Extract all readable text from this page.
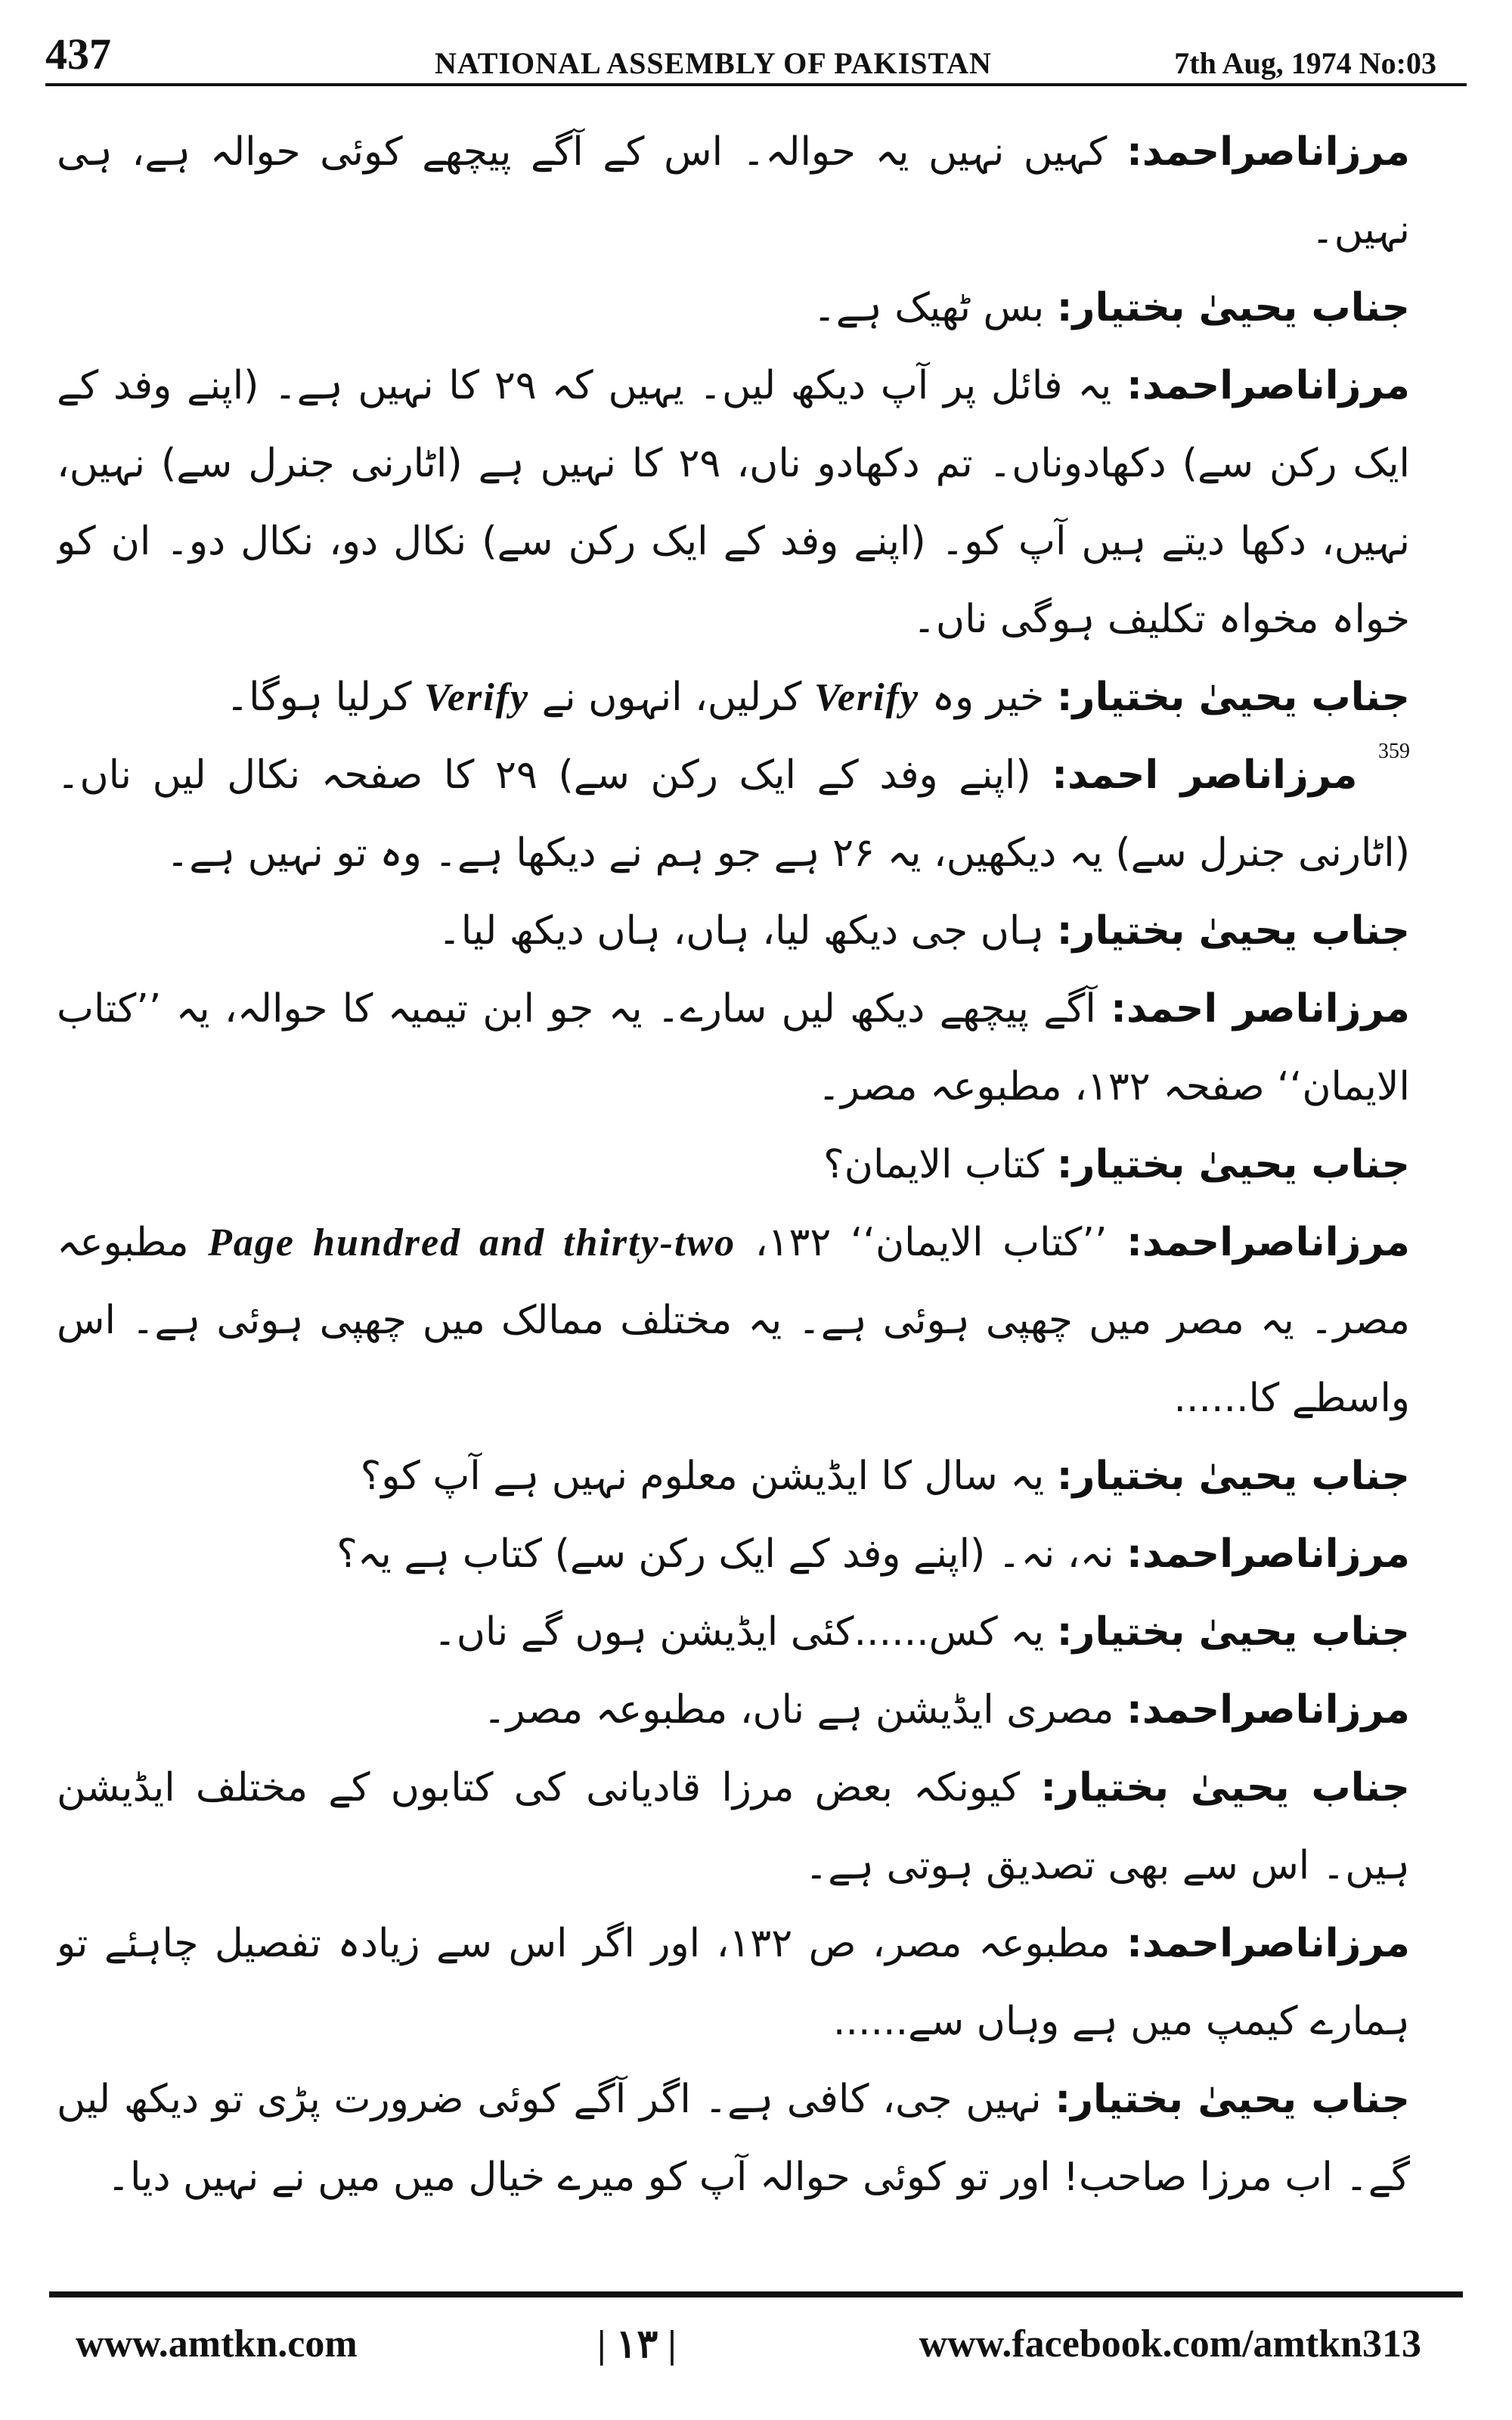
437	NATIONAL ASSEMBLY OF PAKISTAN	7th Aug, 1974 No:03

مرزاناصراحمد: کہیں نہیں یہ حوالہ۔ اس کے آگے پیچھے کوئی حوالہ ہے، ہی نہیں۔

جناب یحییٰ بختیار: بس ٹھیک ہے۔

مرزاناصراحمد: یہ فائل پر آپ دیکھ لیں۔ یہیں کہ ۲۹ کا نہیں ہے۔ (اپنے وفد کے ایک رکن سے) دکھادوناں۔ تم دکھادو ناں، ۲۹ کا نہیں ہے (اٹارنی جنرل سے) نہیں، نہیں، دکھا دیتے ہیں آپ کو۔ (اپنے وفد کے ایک رکن سے) نکال دو، نکال دو۔ ان کو خواہ مخواہ تکلیف ہوگی ناں۔

جناب یحییٰ بختیار: خیر وہ Verify کرلیں، انہوں نے Verify کرلیا ہوگا۔

$^{359}$ مرزاناصر احمد: (اپنے وفد کے ایک رکن سے) ۲۹ کا صفحہ نکال لیں ناں۔ (اٹارنی جنرل سے) یہ دیکھیں، یہ ۲۶ ہے جو ہم نے دیکھا ہے۔ وہ تو نہیں ہے۔

جناب یحییٰ بختیار: ہاں جی دیکھ لیا، ہاں، ہاں دیکھ لیا۔

مرزاناصر احمد: آگے پیچھے دیکھ لیں سارے۔ یہ جو ابن تیمیہ کا حوالہ، یہ ’’کتاب الایمان‘‘ صفحہ ۱۳۲، مطبوعہ مصر۔

جناب یحییٰ بختیار: کتاب الایمان؟

مرزاناصراحمد: ’’کتاب الایمان‘‘ ۱۳۲، Page hundred and thirty-two مطبوعہ مصر۔ یہ مصر میں چھپی ہوئی ہے۔ یہ مختلف ممالک میں چھپی ہوئی ہے۔ اس واسطے کا......

جناب یحییٰ بختیار: یہ سال کا ایڈیشن معلوم نہیں ہے آپ کو؟

مرزاناصراحمد: نہ، نہ۔ (اپنے وفد کے ایک رکن سے) کتاب ہے یہ؟

جناب یحییٰ بختیار: یہ کس......کئی ایڈیشن ہوں گے ناں۔

مرزاناصراحمد: مصری ایڈیشن ہے ناں، مطبوعہ مصر۔

جناب یحییٰ بختیار: کیونکہ بعض مرزا قادیانی کی کتابوں کے مختلف ایڈیشن ہیں۔ اس سے بھی تصدیق ہوتی ہے۔

مرزاناصراحمد: مطبوعہ مصر، ص ۱۳۲، اور اگر اس سے زیادہ تفصیل چاہئے تو ہمارے کیمپ میں ہے وہاں سے......

جناب یحییٰ بختیار: نہیں جی، کافی ہے۔ اگر آگے کوئی ضرورت پڑی تو دیکھ لیں گے۔ اب مرزا صاحب! اور تو کوئی حوالہ آپ کو میرے خیال میں میں نے نہیں دیا۔

www.amtkn.com	| ۱۳ |	www.facebook.com/amtkn313
